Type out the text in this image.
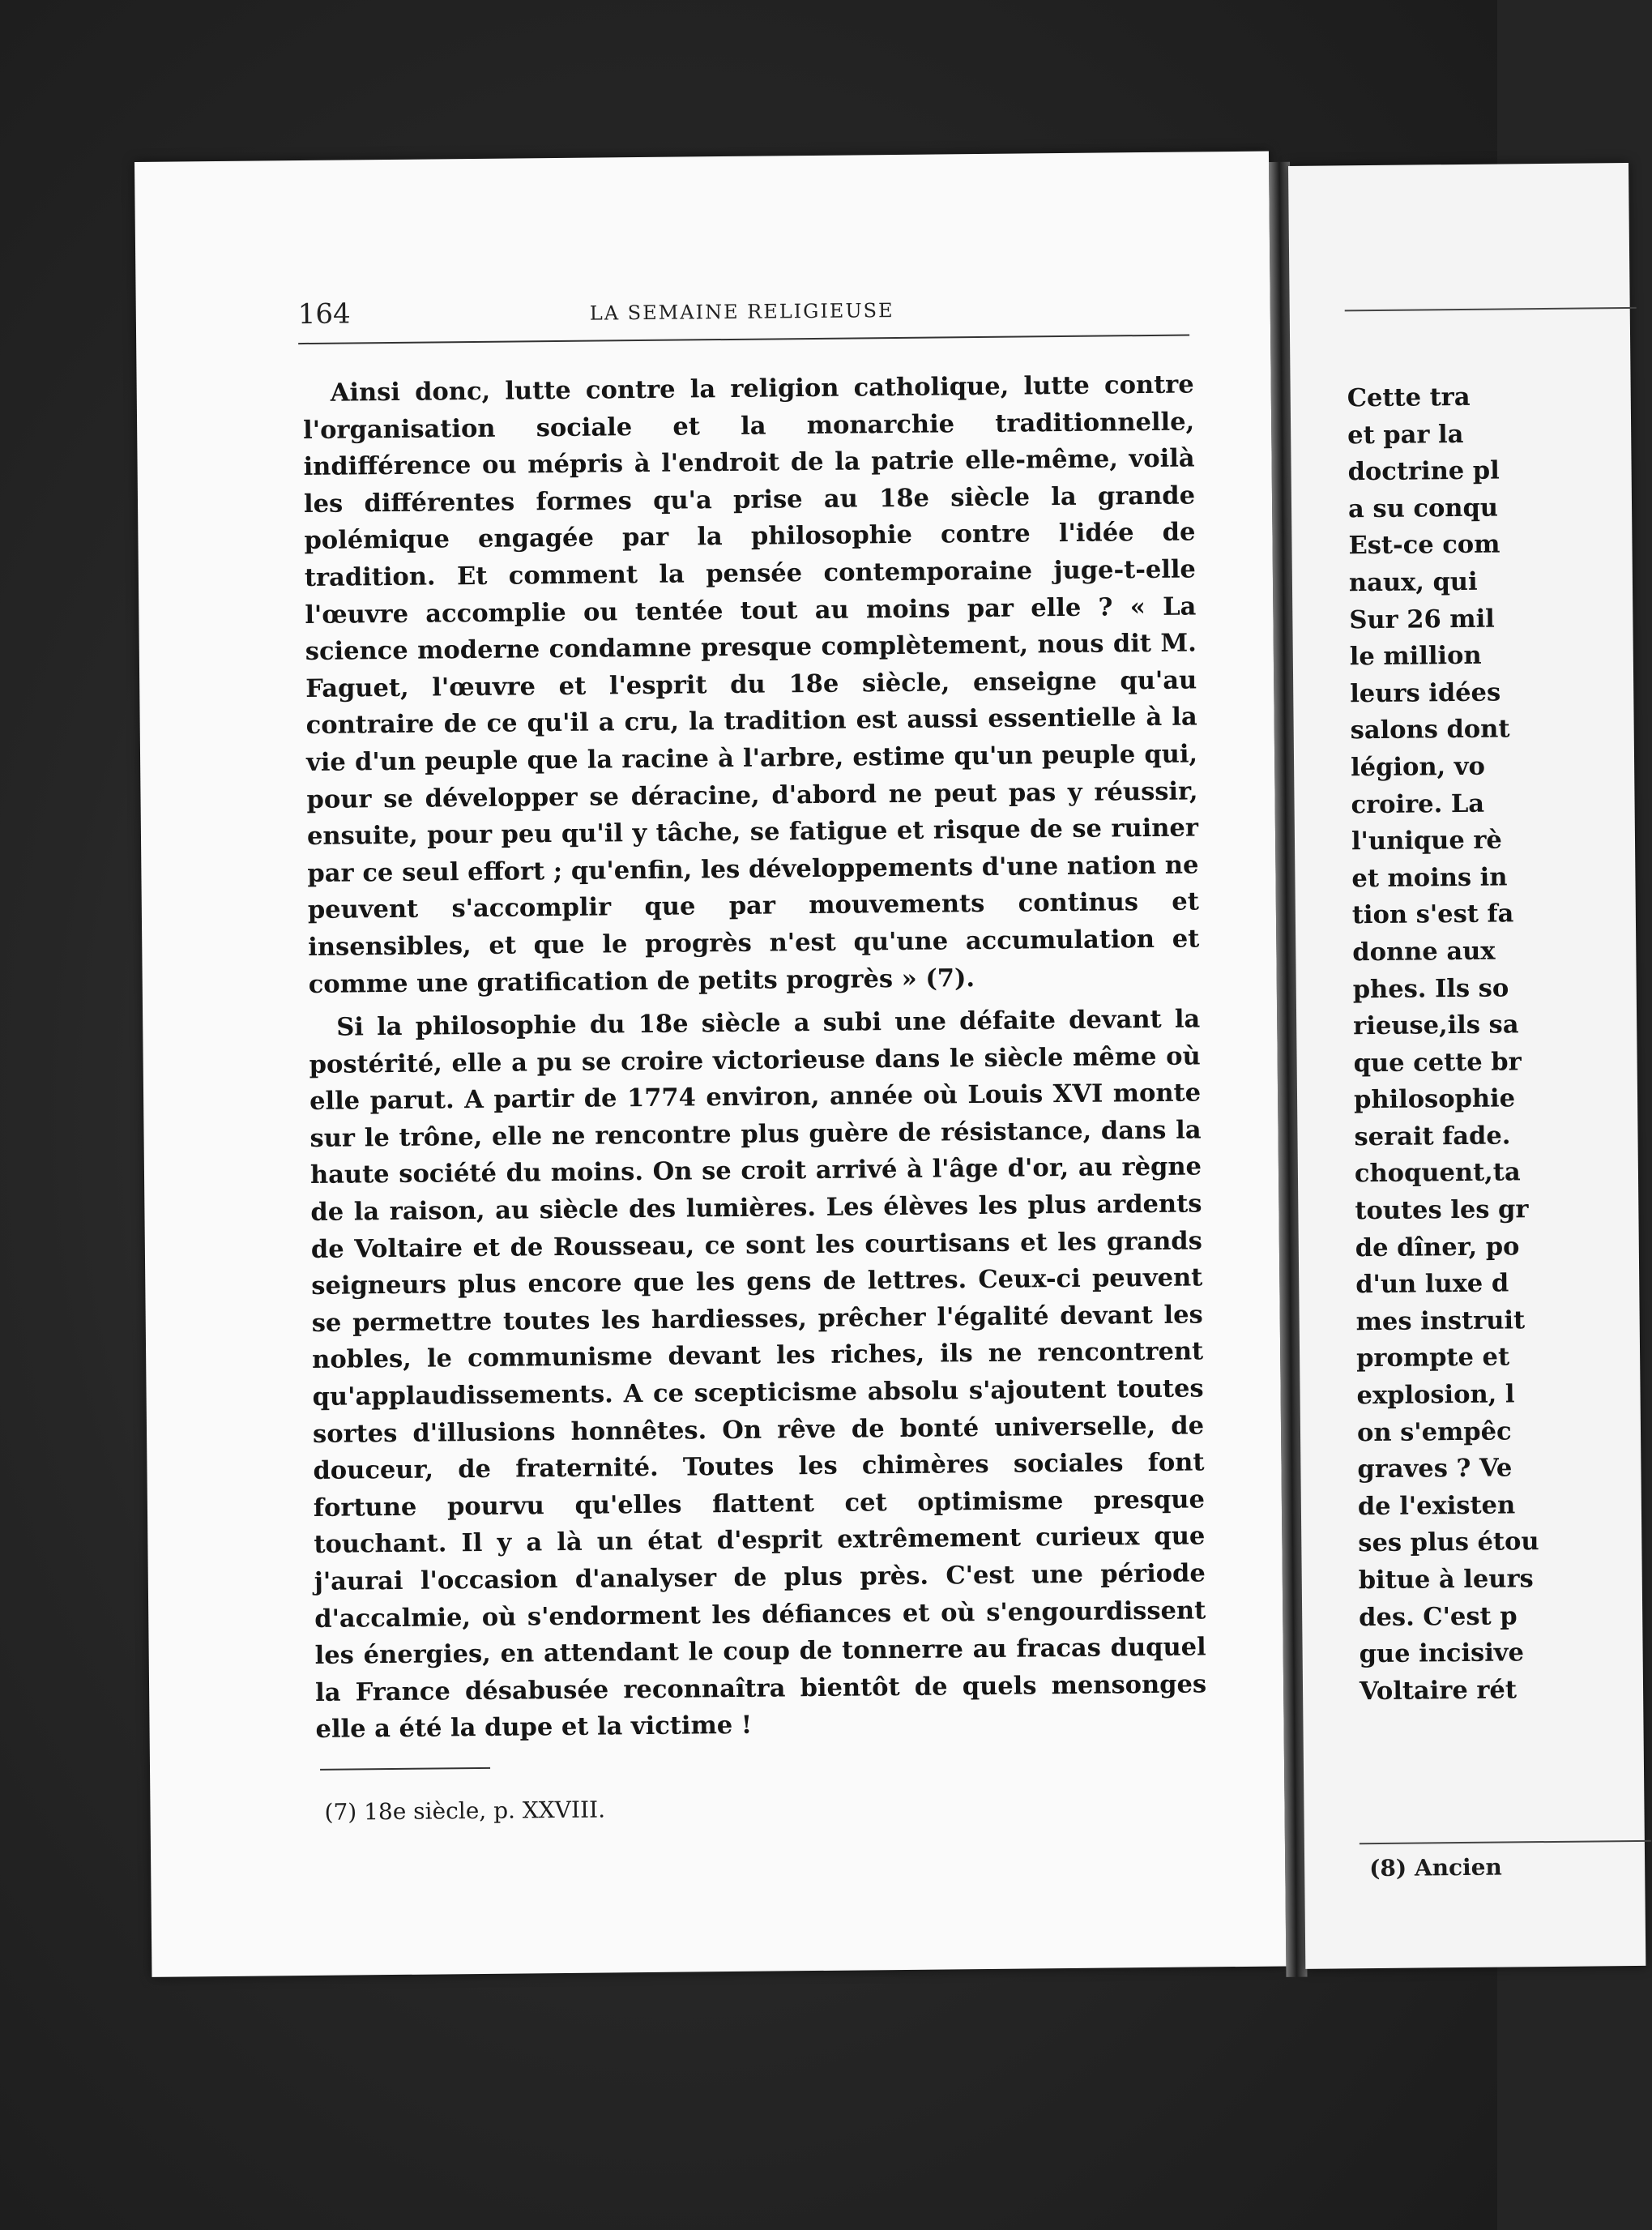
164	LA SEMAINE RELIGIEUSE

Ainsi donc, lutte contre la religion catholique, lutte contre l'organisation sociale et la monarchie traditionnelle, indifférence ou mépris à l'endroit de la patrie elle-même, voilà les différentes formes qu'a prise au 18e siècle la grande polémique engagée par la philosophie contre l'idée de tradition. Et comment la pensée contemporaine juge-t-elle l'œuvre accomplie ou tentée tout au moins par elle ? « La science moderne condamne presque complètement, nous dit M. Faguet, l'œuvre et l'esprit du 18e siècle, enseigne qu'au contraire de ce qu'il a cru, la tradition est aussi essentielle à la vie d'un peuple que la racine à l'arbre, estime qu'un peuple qui, pour se développer se déracine, d'abord ne peut pas y réussir, ensuite, pour peu qu'il y tâche, se fatigue et risque de se ruiner par ce seul effort ; qu'enfin, les développements d'une nation ne peuvent s'accomplir que par mouvements continus et insensibles, et que le progrès n'est qu'une accumulation et comme une gratification de petits progrès » (7).

Si la philosophie du 18e siècle a subi une défaite devant la postérité, elle a pu se croire victorieuse dans le siècle même où elle parut. A partir de 1774 environ, année où Louis XVI monte sur le trône, elle ne rencontre plus guère de résistance, dans la haute société du moins. On se croit arrivé à l'âge d'or, au règne de la raison, au siècle des lumières. Les élèves les plus ardents de Voltaire et de Rousseau, ce sont les courtisans et les grands seigneurs plus encore que les gens de lettres. Ceux-ci peuvent se permettre toutes les hardiesses, prêcher l'égalité devant les nobles, le communisme devant les riches, ils ne rencontrent qu'applaudissements. A ce scepticisme absolu s'ajoutent toutes sortes d'illusions honnêtes. On rêve de bonté universelle, de douceur, de fraternité. Toutes les chimères sociales font fortune pourvu qu'elles flattent cet optimisme presque touchant. Il y a là un état d'esprit extrêmement curieux que j'aurai l'occasion d'analyser de plus près. C'est une période d'accalmie, où s'endorment les défiances et où s'engourdissent les énergies, en attendant le coup de tonnerre au fracas duquel la France désabusée reconnaîtra bientôt de quels mensonges elle a été la dupe et la victime !

(7) 18e siècle, p. XXVIII.
Cette tra
et par la
doctrine pl
a su conqu
Est-ce com
naux, qui
Sur 26 mil
le million
leurs idées
salons dont
légion, vo
croire. La
l'unique rè
et moins in
tion s'est fa
donne aux
phes. Ils so
rieuse,ils sa
que cette br
philosophie
serait fade.
choquent,ta
toutes les gr
de dîner, po
d'un luxe d
mes instruit
prompte et
explosion, l
on s'empêc
graves ? Ve
de l'existen
ses plus étou
bitue à leurs
des. C'est p
gue incisive
Voltaire rét
(8) Ancien
